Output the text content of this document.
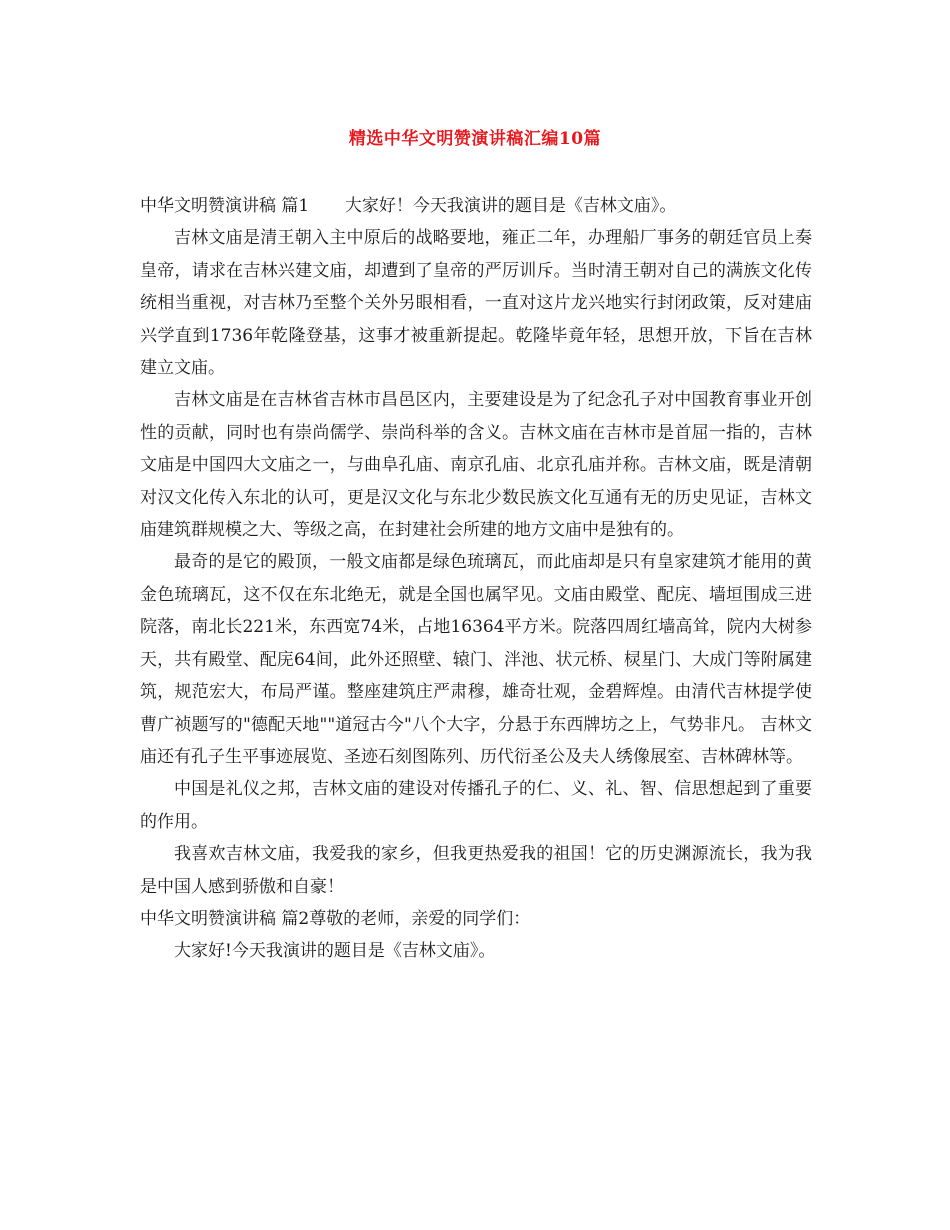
精选中华文明赞演讲稿汇编10篇

中华文明赞演讲稿 篇1 大家好！今天我演讲的题目是《吉林文庙》。

吉林文庙是清王朝入主中原后的战略要地，雍正二年，办理船厂事务的朝廷官员上奏皇帝，请求在吉林兴建文庙，却遭到了皇帝的严厉训斥。当时清王朝对自己的满族文化传统相当重视，对吉林乃至整个关外另眼相看，一直对这片龙兴地实行封闭政策，反对建庙兴学直到1736年乾隆登基，这事才被重新提起。乾隆毕竟年轻，思想开放，下旨在吉林建立文庙。

吉林文庙是在吉林省吉林市昌邑区内，主要建设是为了纪念孔子对中国教育事业开创性的贡献，同时也有崇尚儒学、崇尚科举的含义。吉林文庙在吉林市是首屈一指的，吉林文庙是中国四大文庙之一，与曲阜孔庙、南京孔庙、北京孔庙并称。吉林文庙，既是清朝对汉文化传入东北的认可，更是汉文化与东北少数民族文化互通有无的历史见证，吉林文庙建筑群规模之大、等级之高，在封建社会所建的地方文庙中是独有的。

最奇的是它的殿顶，一般文庙都是绿色琉璃瓦，而此庙却是只有皇家建筑才能用的黄金色琉璃瓦，这不仅在东北绝无，就是全国也属罕见。文庙由殿堂、配庑、墙垣围成三进院落，南北长221米，东西宽74米，占地16364平方米。院落四周红墙高耸，院内大树参天，共有殿堂、配庑64间，此外还照壁、辕门、泮池、状元桥、棂星门、大成门等附属建筑，规范宏大，布局严谨。整座建筑庄严肃穆，雄奇壮观，金碧辉煌。由清代吉林提学使曹广祯题写的"德配天地""道冠古今"八个大字，分悬于东西牌坊之上，气势非凡。 吉林文庙还有孔子生平事迹展览、圣迹石刻图陈列、历代衍圣公及夫人绣像展室、吉林碑林等。

中国是礼仪之邦，吉林文庙的建设对传播孔子的仁、义、礼、智、信思想起到了重要的作用。

我喜欢吉林文庙，我爱我的家乡，但我更热爱我的祖国！它的历史渊源流长，我为我是中国人感到骄傲和自豪！

中华文明赞演讲稿 篇2尊敬的老师，亲爱的同学们：

大家好!今天我演讲的题目是《吉林文庙》。
